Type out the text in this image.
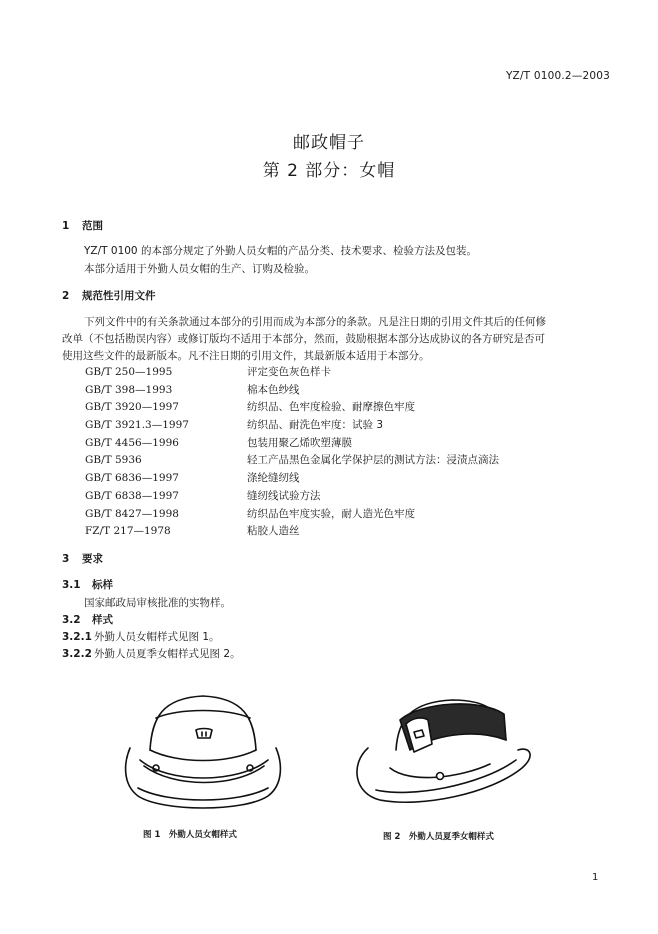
YZ/T 0100.2—2003
邮政帽子
第 2 部分：女帽
1 范围
YZ/T 0100 的本部分规定了外勤人员女帽的产品分类、技术要求、检验方法及包装。
本部分适用于外勤人员女帽的生产、订购及检验。
2 规范性引用文件
下列文件中的有关条款通过本部分的引用而成为本部分的条款。凡是注日期的引用文件其后的任何修
改单（不包括勘误内容）或修订版均不适用于本部分，然而，鼓励根据本部分达成协议的各方研究是否可
使用这些文件的最新版本。凡不注日期的引用文件，其最新版本适用于本部分。
GB/T 250—1995	评定变色灰色样卡
GB/T 398—1993	棉本色纱线
GB/T 3920—1997	纺织品、色牢度检验、耐摩擦色牢度
GB/T 3921.3—1997	纺织品、耐洗色牢度：试验 3
GB/T 4456—1996	包装用聚乙烯吹塑薄膜
GB/T 5936	轻工产品黑色金属化学保护层的测试方法：浸渍点滴法
GB/T 6836—1997	涤纶缝纫线
GB/T 6838—1997	缝纫线试验方法
GB/T 8427—1998	纺织品色牢度实验，耐人造光色牢度
FZ/T 217—1978	粘胶人造丝
3 要求
3.1 标样
国家邮政局审核批准的实物样。
3.2 样式
3.2.1 外勤人员女帽样式见图 1。
3.2.2 外勤人员夏季女帽样式见图 2。
图 1　外勤人员女帽样式	图 2　外勤人员夏季女帽样式
1
